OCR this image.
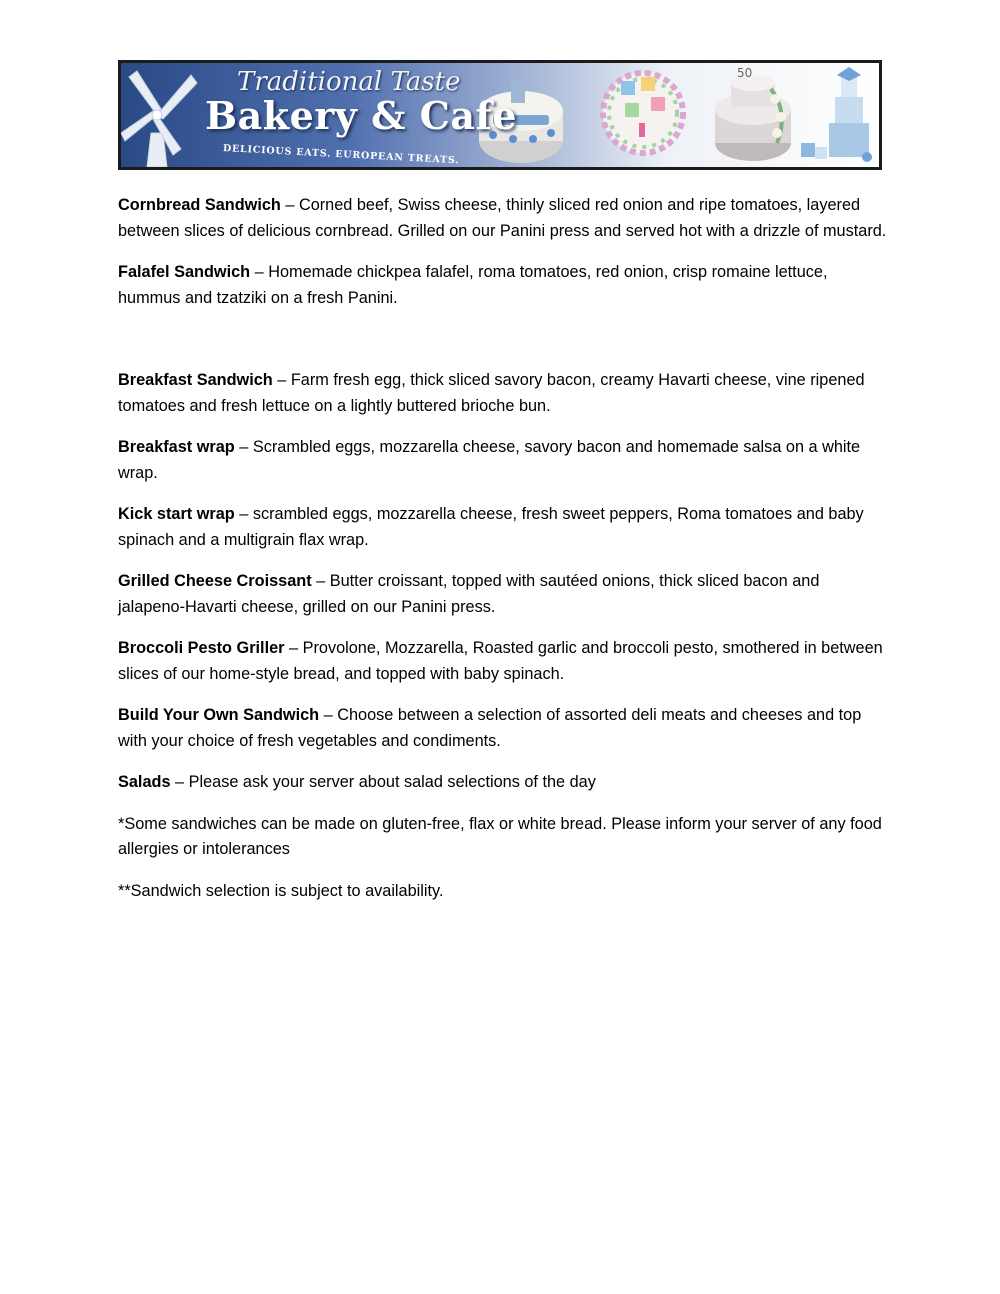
50
Traditional Taste
Bakery & Cafe
DELICIOUS EATS. EUROPEAN TREATS.

Cornbread Sandwich – Corned beef, Swiss cheese, thinly sliced red onion and ripe tomatoes, layered between slices of delicious cornbread. Grilled on our Panini press and served hot with a drizzle of mustard.

Falafel Sandwich – Homemade chickpea falafel, roma tomatoes, red onion, crisp romaine lettuce, hummus and tzatziki on a fresh Panini.

Breakfast Sandwich – Farm fresh egg, thick sliced savory bacon, creamy Havarti cheese, vine ripened tomatoes and fresh lettuce on a lightly buttered brioche bun.

Breakfast wrap – Scrambled eggs, mozzarella cheese, savory bacon and homemade salsa on a white wrap.

Kick start wrap – scrambled eggs, mozzarella cheese, fresh sweet peppers, Roma tomatoes and baby spinach and a multigrain flax wrap.

Grilled Cheese Croissant – Butter croissant, topped with sautéed onions, thick sliced bacon and jalapeno-Havarti cheese, grilled on our Panini press.

Broccoli Pesto Griller – Provolone, Mozzarella, Roasted garlic and broccoli pesto, smothered in between slices of our home-style bread, and topped with baby spinach.

Build Your Own Sandwich – Choose between a selection of assorted deli meats and cheeses and top with your choice of fresh vegetables and condiments.

Salads – Please ask your server about salad selections of the day

*Some sandwiches can be made on gluten-free, flax or white bread. Please inform your server of any food allergies or intolerances

**Sandwich selection is subject to availability.
